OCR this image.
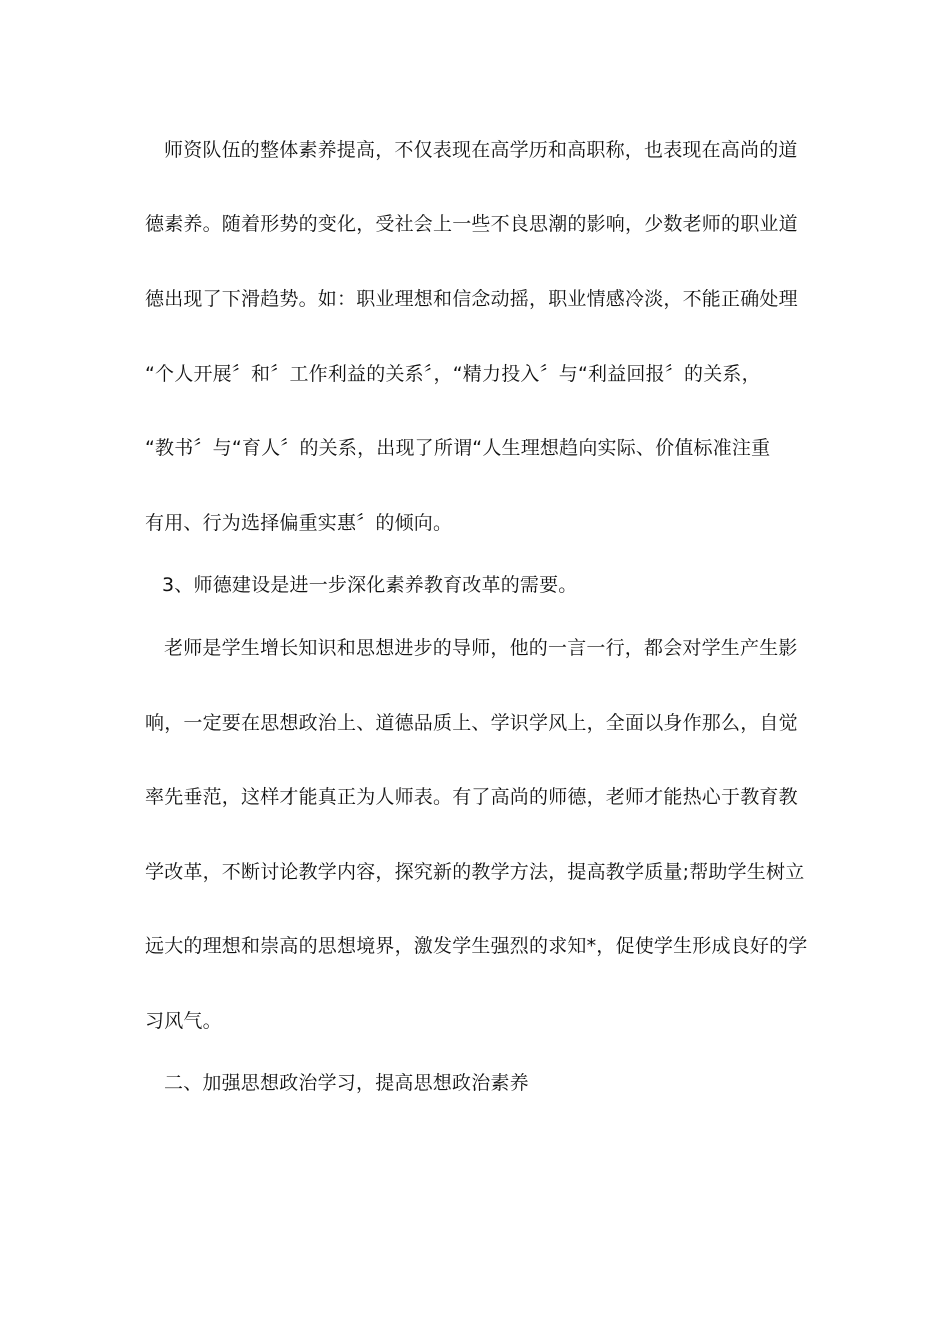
师资队伍的整体素养提高，不仅表现在高学历和高职称，也表现在高尚的道
德素养。随着形势的变化，受社会上一些不良思潮的影响，少数老师的职业道
德出现了下滑趋势。如：职业理想和信念动摇，职业情感冷淡，不能正确处理
“个人开展〞和〞工作利益的关系〞，“精力投入〞与“利益回报〞的关系，
“教书〞与“育人〞的关系，出现了所谓“人生理想趋向实际、价值标准注重
有用、行为选择偏重实惠〞的倾向。
3、师德建设是进一步深化素养教育改革的需要。
老师是学生增长知识和思想进步的导师，他的一言一行，都会对学生产生影
响，一定要在思想政治上、道德品质上、学识学风上，全面以身作那么，自觉
率先垂范，这样才能真正为人师表。有了高尚的师德，老师才能热心于教育教
学改革，不断讨论教学内容，探究新的教学方法，提高教学质量;帮助学生树立
远大的理想和崇高的思想境界，激发学生强烈的求知*，促使学生形成良好的学
习风气。
二、加强思想政治学习，提高思想政治素养
